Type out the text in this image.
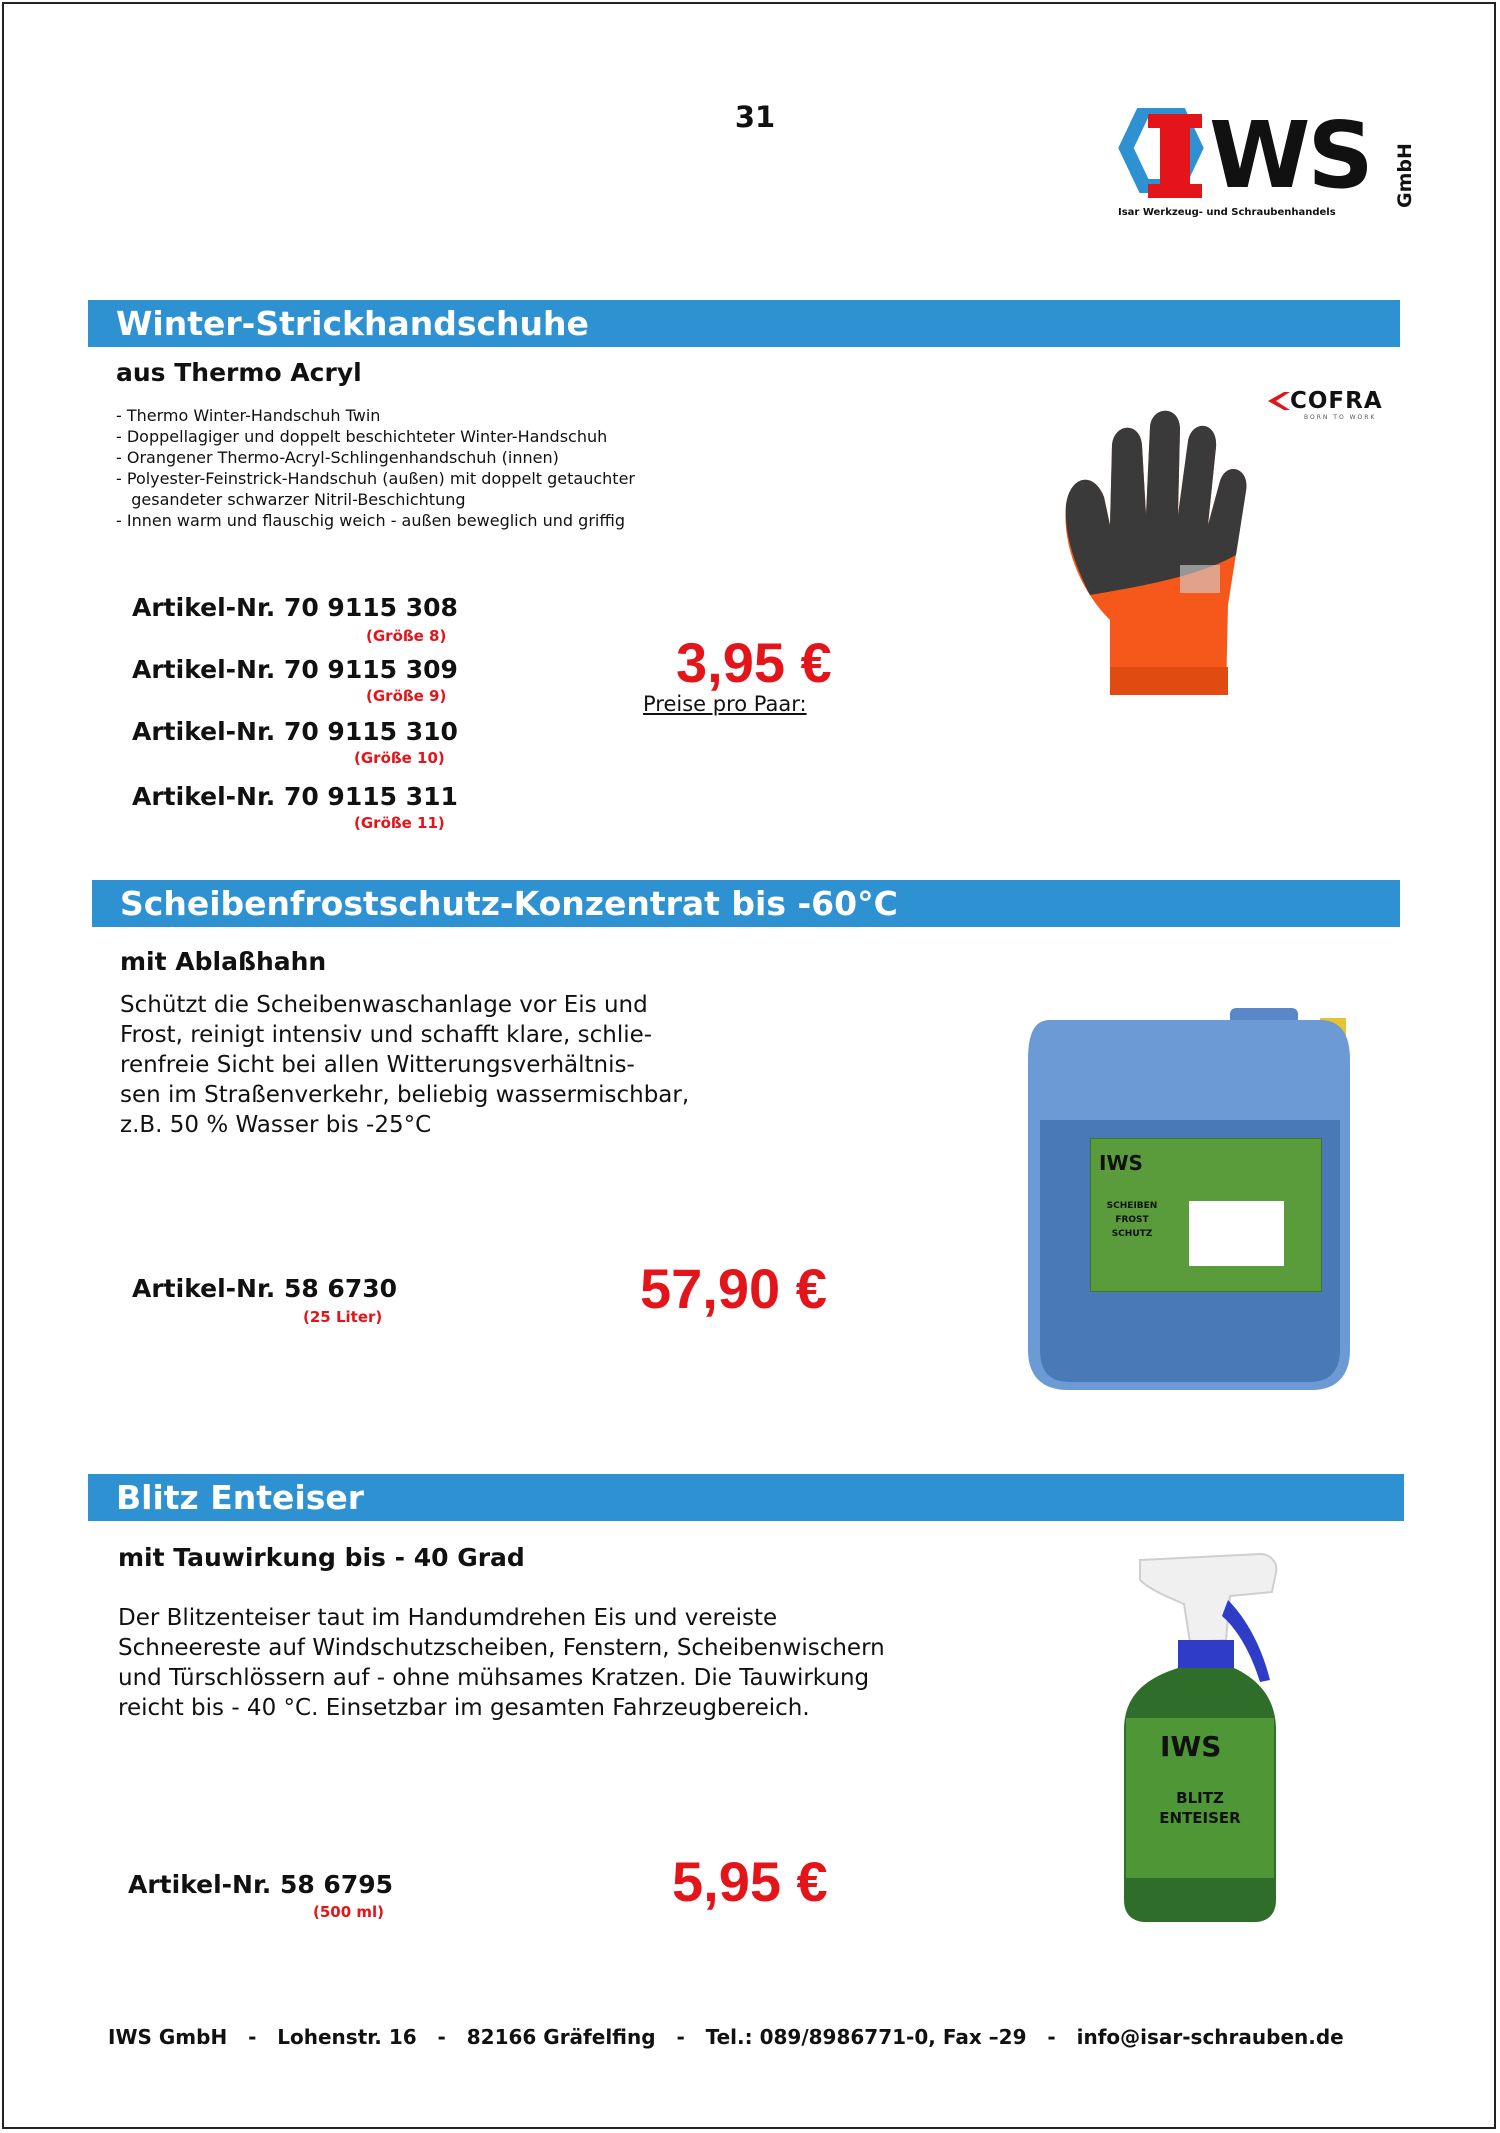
31	WS GmbH
Isar Werkzeug- und Schraubenhandels
Winter-Strickhandschuhe
aus Thermo Acryl
- Thermo Winter-Handschuh Twin
- Doppellagiger und doppelt beschichteter Winter-Handschuh
- Orangener Thermo-Acryl-Schlingenhandschuh (innen)
- Polyester-Feinstrick-Handschuh (außen) mit doppelt getauchter
gesandeter schwarzer Nitril-Beschichtung
- Innen warm und flauschig weich - außen beweglich und griffig
COFRA
BORN TO WORK
Artikel-Nr. 70 9115 308
(Größe 8)
Artikel-Nr. 70 9115 309
(Größe 9)
Artikel-Nr. 70 9115 310
(Größe 10)
Artikel-Nr. 70 9115 311
(Größe 11)
3,95 €
Preise pro Paar:
Scheibenfrostschutz-Konzentrat bis -60°C
mit Ablaßhahn
Schützt die Scheibenwaschanlage vor Eis und
Frost, reinigt intensiv und schafft klare, schlie-
renfreie Sicht bei allen Witterungsverhältnis-
sen im Straßenverkehr, beliebig wassermischbar,
z.B. 50 % Wasser bis -25°C
Artikel-Nr. 58 6730
(25 Liter)	57,90 €
IWS
SCHEIBEN
FROST
SCHUTZ
Blitz Enteiser
mit Tauwirkung bis - 40 Grad
Der Blitzenteiser taut im Handumdrehen Eis und vereiste
Schneereste auf Windschutzscheiben, Fenstern, Scheibenwischern
und Türschlössern auf - ohne mühsames Kratzen. Die Tauwirkung
reicht bis - 40 °C. Einsetzbar im gesamten Fahrzeugbereich.
Artikel-Nr. 58 6795
(500 ml)	5,95 €
IWS
BLITZ
ENTEISER
IWS GmbH   -   Lohenstr. 16   -   82166 Gräfelfing   -   Tel.: 089/8986771-0, Fax –29   -   info@isar-schrauben.de
